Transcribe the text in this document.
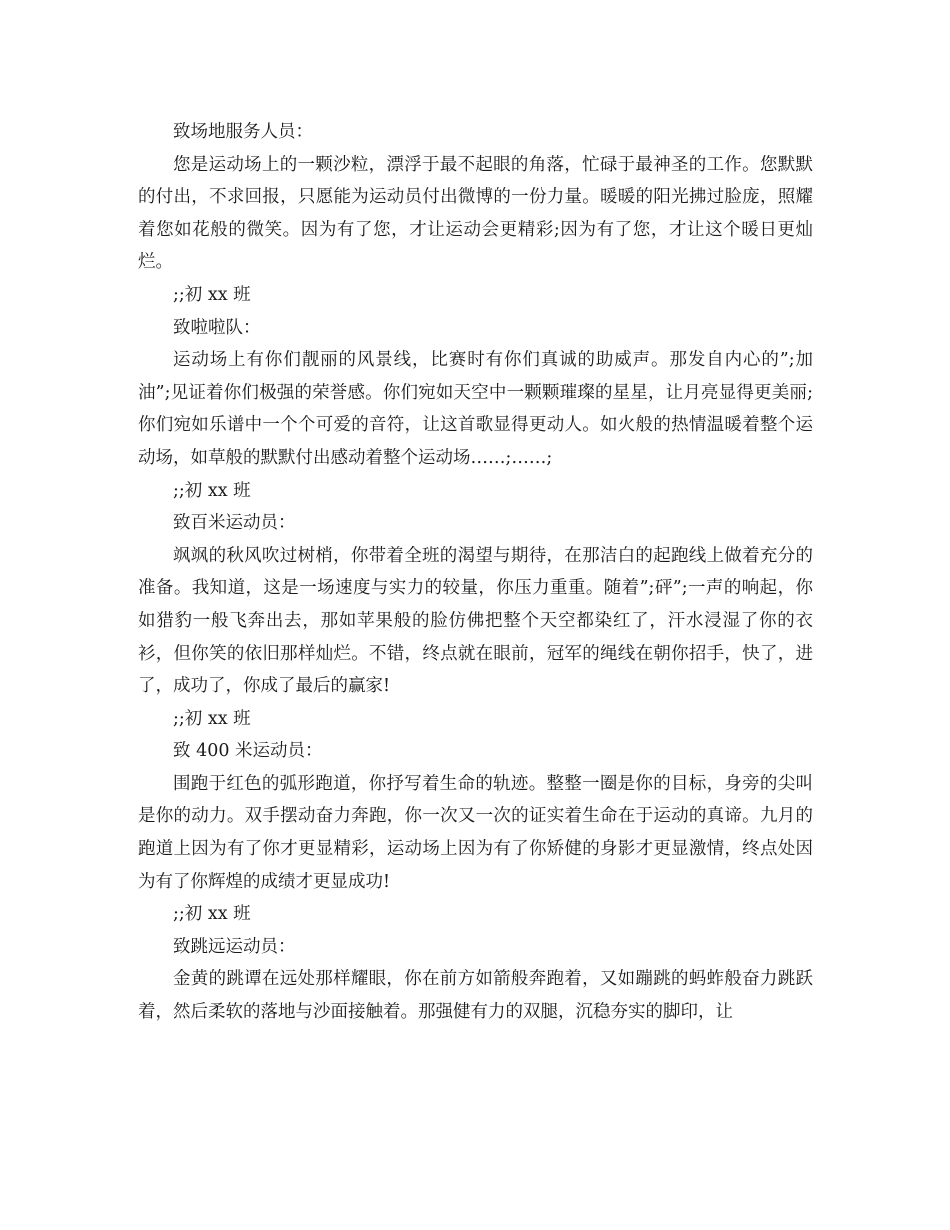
致场地服务人员：

您是运动场上的一颗沙粒，漂浮于最不起眼的角落，忙碌于最神圣的工作。您默默的付出，不求回报，只愿能为运动员付出微博的一份力量。暖暖的阳光拂过脸庞，照耀着您如花般的微笑。因为有了您，才让运动会更精彩;因为有了您，才让这个暖日更灿烂。

;;初 xx 班

致啦啦队：

运动场上有你们靓丽的风景线，比赛时有你们真诚的助威声。那发自内心的”;加油”;见证着你们极强的荣誉感。你们宛如天空中一颗颗璀璨的星星，让月亮显得更美丽;你们宛如乐谱中一个个可爱的音符，让这首歌显得更动人。如火般的热情温暖着整个运动场，如草般的默默付出感动着整个运动场……;……;

;;初 xx 班

致百米运动员：

飒飒的秋风吹过树梢，你带着全班的渴望与期待，在那洁白的起跑线上做着充分的准备。我知道，这是一场速度与实力的较量，你压力重重。随着”;砰”;一声的响起，你如猎豹一般飞奔出去，那如苹果般的脸仿佛把整个天空都染红了，汗水浸湿了你的衣衫，但你笑的依旧那样灿烂。不错，终点就在眼前，冠军的绳线在朝你招手，快了，进了，成功了，你成了最后的赢家!

;;初 xx 班

致 400 米运动员：

围跑于红色的弧形跑道，你抒写着生命的轨迹。整整一圈是你的目标，身旁的尖叫是你的动力。双手摆动奋力奔跑，你一次又一次的证实着生命在于运动的真谛。九月的跑道上因为有了你才更显精彩，运动场上因为有了你矫健的身影才更显激情，终点处因为有了你辉煌的成绩才更显成功!

;;初 xx 班

致跳远运动员：

金黄的跳谭在远处那样耀眼，你在前方如箭般奔跑着，又如蹦跳的蚂蚱般奋力跳跃着，然后柔软的落地与沙面接触着。那强健有力的双腿，沉稳夯实的脚印，让
